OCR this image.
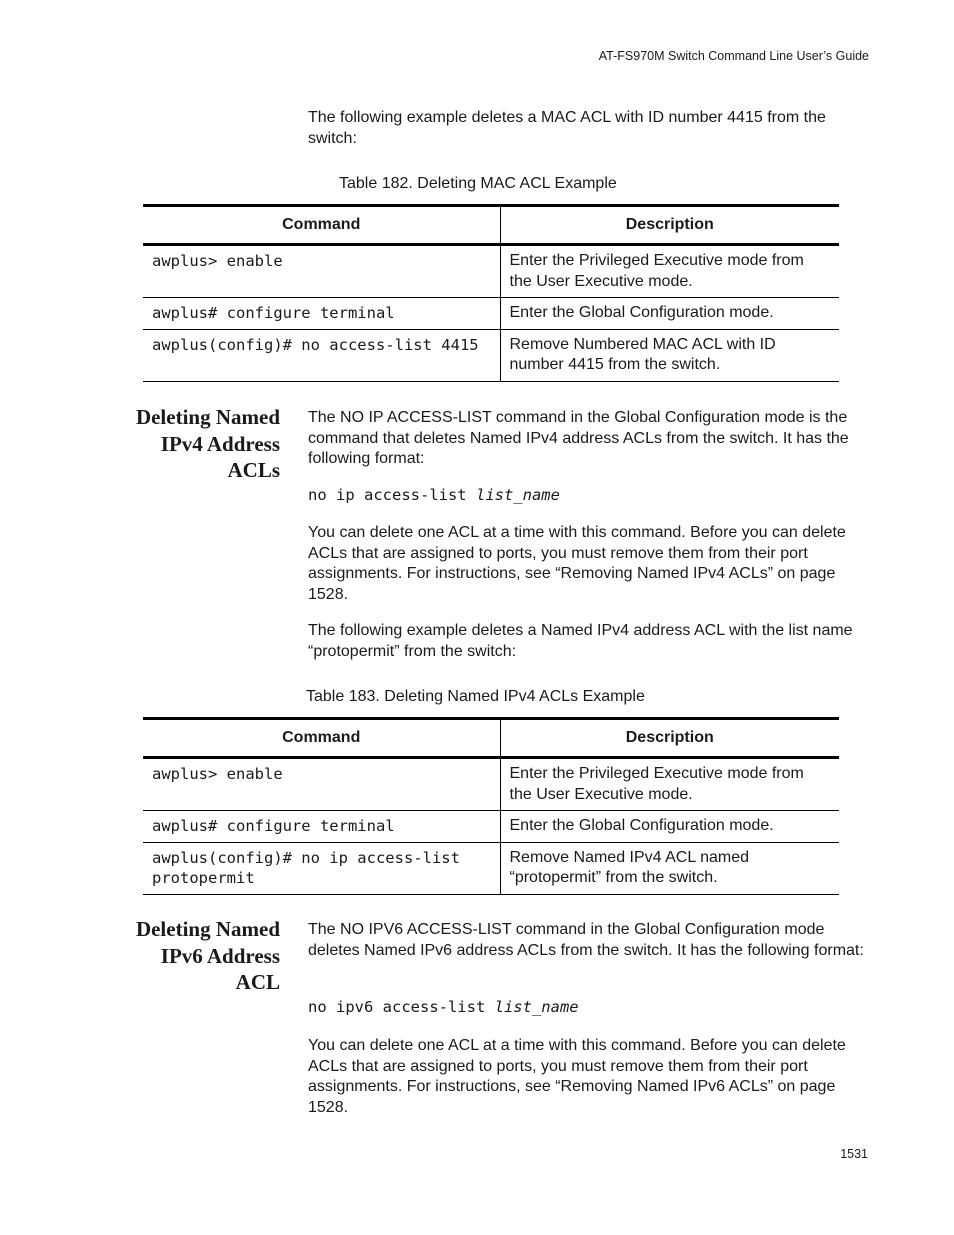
AT-FS970M Switch Command Line User’s Guide

The following example deletes a MAC ACL with ID number 4415 from the switch:

Table 182. Deleting MAC ACL Example
Command	Description
awplus> enable	Enter the Privileged Executive mode from the User Executive mode.
awplus# configure terminal	Enter the Global Configuration mode.
awplus(config)# no access-list 4415	Remove Numbered MAC ACL with ID number 4415 from the switch.
Deleting Named
IPv4 Address
ACLs

The NO IP ACCESS-LIST command in the Global Configuration mode is the command that deletes Named IPv4 address ACLs from the switch. It has the following format:

no ip access-list list_name

You can delete one ACL at a time with this command. Before you can delete ACLs that are assigned to ports, you must remove them from their port assignments. For instructions, see “Removing Named IPv4 ACLs” on page 1528.

The following example deletes a Named IPv4 address ACL with the list name “protopermit” from the switch:

Table 183. Deleting Named IPv4 ACLs Example
Command	Description
awplus> enable	Enter the Privileged Executive mode from the User Executive mode.
awplus# configure terminal	Enter the Global Configuration mode.
awplus(config)# no ip access-list protopermit	Remove Named IPv4 ACL named “protopermit” from the switch.
Deleting Named
IPv6 Address
ACL

The NO IPV6 ACCESS-LIST command in the Global Configuration mode deletes Named IPv6 address ACLs from the switch. It has the following format:

no ipv6 access-list list_name

You can delete one ACL at a time with this command. Before you can delete ACLs that are assigned to ports, you must remove them from their port assignments. For instructions, see “Removing Named IPv6 ACLs” on page 1528.

1531
